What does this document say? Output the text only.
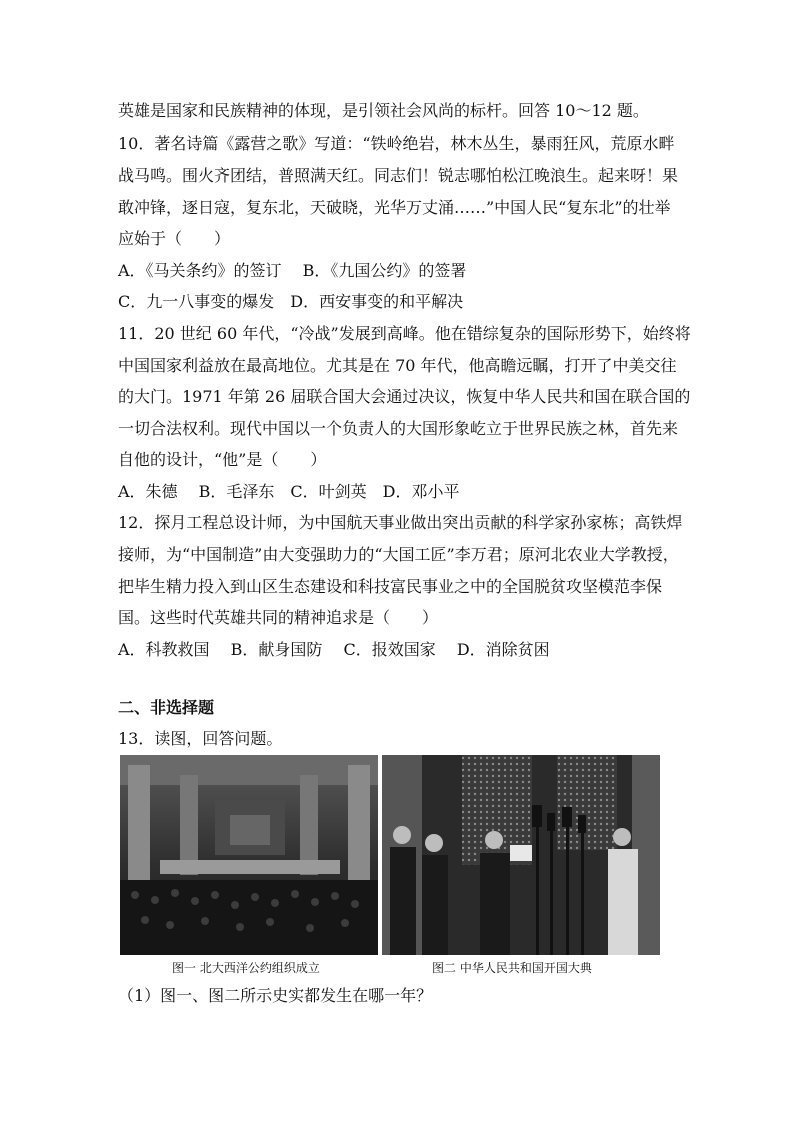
英雄是国家和民族精神的体现，是引领社会风尚的标杆。回答 10～12 题。
10．著名诗篇《露营之歌》写道：“铁岭绝岩，林木丛生，暴雨狂风，荒原水畔
战马鸣。围火齐团结，普照满天红。同志们！锐志哪怕松江晚浪生。起来呀！果
敢冲锋，逐日寇，复东北，天破晓，光华万丈涌……”中国人民“复东北”的壮举
应始于（　　）
A．《马关条约》的签订　 B．《九国公约》的签署
C．九一八事变的爆发　D．西安事变的和平解决
11．20 世纪 60 年代，“冷战”发展到高峰。他在错综复杂的国际形势下，始终将
中国国家利益放在最高地位。尤其是在 70 年代，他高瞻远瞩，打开了中美交往
的大门。1971 年第 26 届联合国大会通过决议，恢复中华人民共和国在联合国的
一切合法权利。现代中国以一个负责人的大国形象屹立于世界民族之林，首先来
自他的设计，“他”是（　　）
A．朱德　 B．毛泽东　C．叶剑英　D．邓小平
12．探月工程总设计师，为中国航天事业做出突出贡献的科学家孙家栋；高铁焊
接师，为“中国制造”由大变强助力的“大国工匠”李万君；原河北农业大学教授，
把毕生精力投入到山区生态建设和科技富民事业之中的全国脱贫攻坚模范李保
国。这些时代英雄共同的精神追求是（　　）
A．科教救国　 B．献身国防　 C．报效国家　 D．消除贫困
二、非选择题
13．读图，回答问题。
图一 北大西洋公约组织成立	图二 中华人民共和国开国大典
（1）图一、图二所示史实都发生在哪一年？
